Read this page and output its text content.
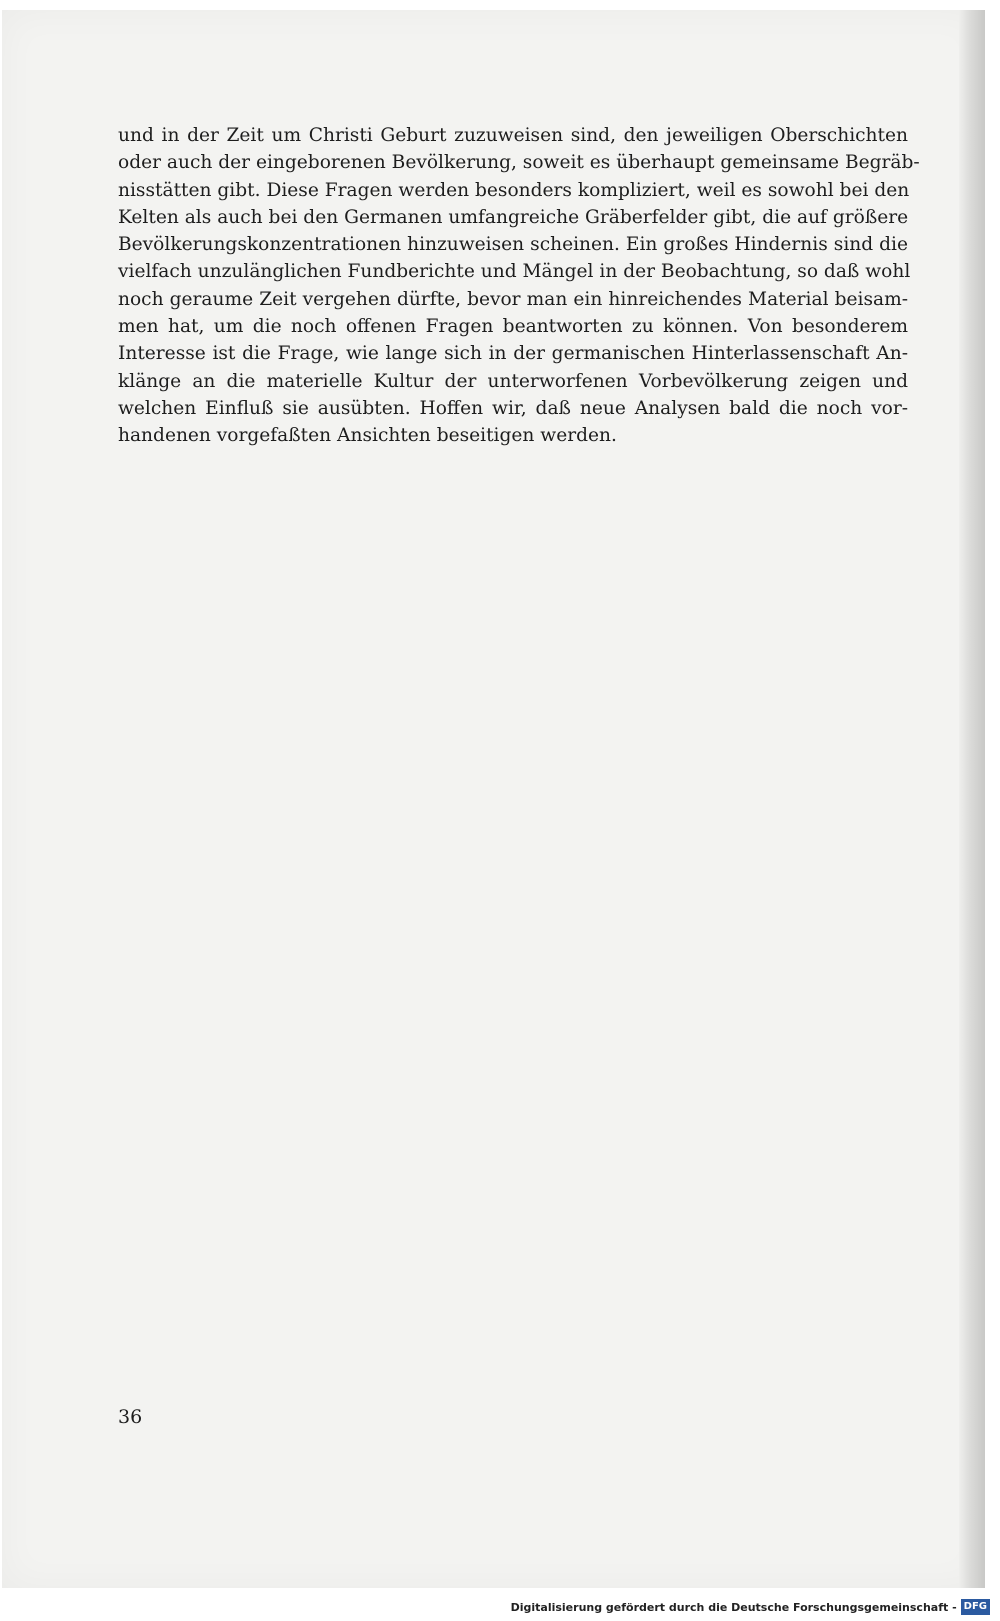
und in der Zeit um Christi Geburt zuzuweisen sind, den jeweiligen Oberschichten
oder auch der eingeborenen Bevölkerung, soweit es überhaupt gemeinsame Begräb-
nisstätten gibt. Diese Fragen werden besonders kompliziert, weil es sowohl bei den
Kelten als auch bei den Germanen umfangreiche Gräberfelder gibt, die auf größere
Bevölkerungskonzentrationen hinzuweisen scheinen. Ein großes Hindernis sind die
vielfach unzulänglichen Fundberichte und Mängel in der Beobachtung, so daß wohl
noch geraume Zeit vergehen dürfte, bevor man ein hinreichendes Material beisam-
men hat, um die noch offenen Fragen beantworten zu können. Von besonderem
Interesse ist die Frage, wie lange sich in der germanischen Hinterlassenschaft An-
klänge an die materielle Kultur der unterworfenen Vorbevölkerung zeigen und
welchen Einfluß sie ausübten. Hoffen wir, daß neue Analysen bald die noch vor-
handenen vorgefaßten Ansichten beseitigen werden.
36
Digitalisierung gefördert durch die Deutsche Forschungsgemeinschaft - DFG
